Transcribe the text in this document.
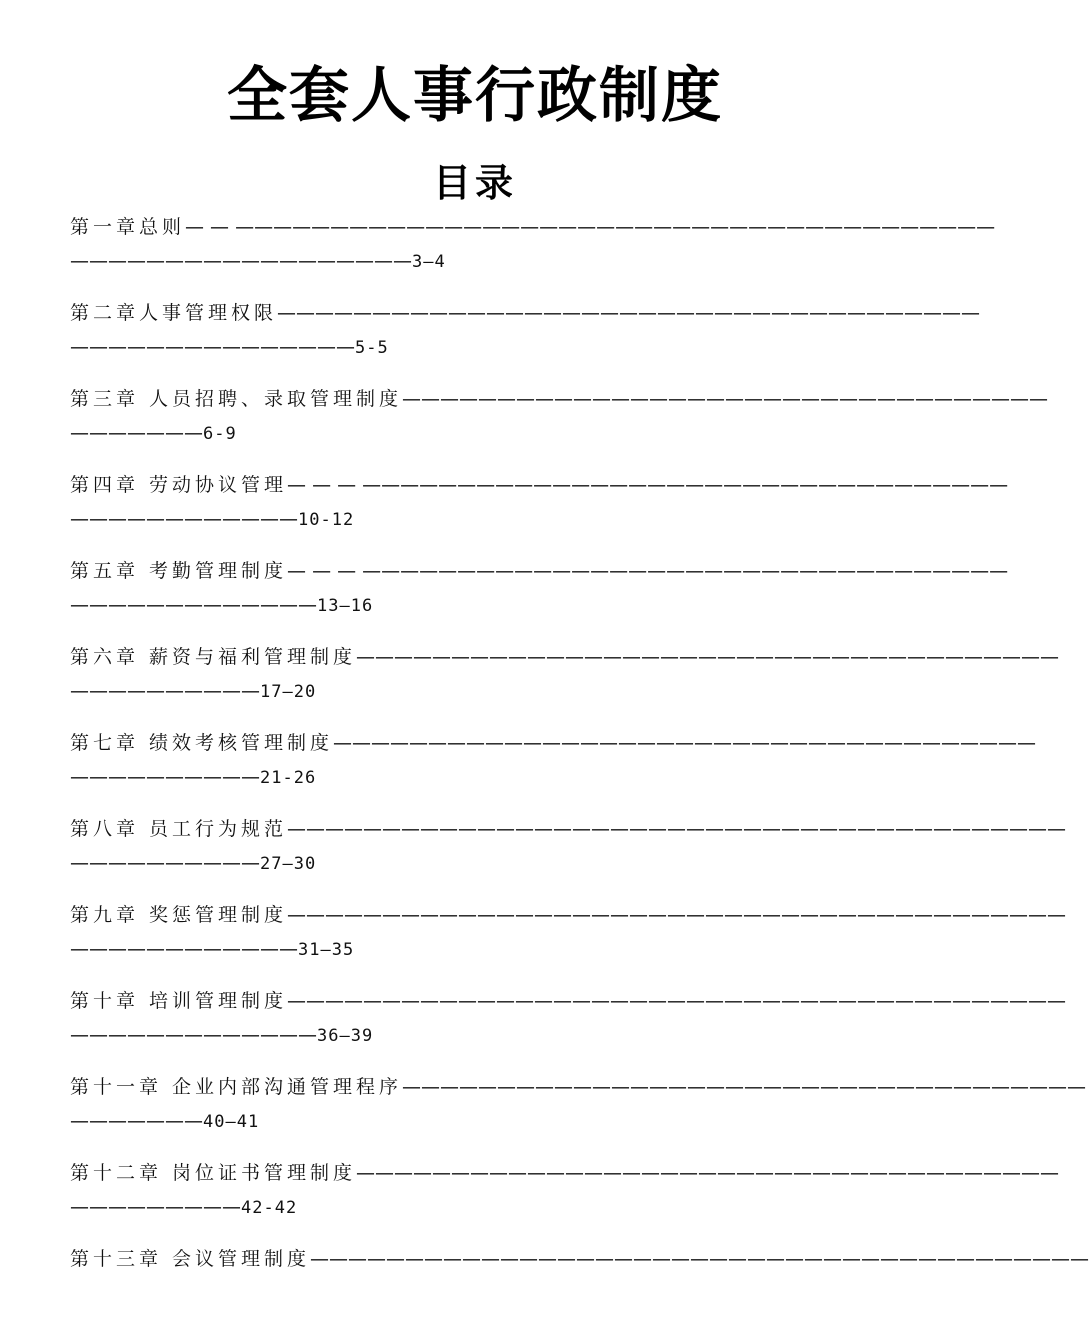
全套人事行政制度
目录
第一章总则 — — ————————————————————————————————————————
——————————————————3—4
第二章人事管理权限 —————————————————————————————————————
———————————————5-5
第三章 人员招聘、录取管理制度 ——————————————————————————————————
———————6-9
第四章 劳动协议管理 — — — ——————————————————————————————————
————————————10-12
第五章 考勤管理制度 — — — ——————————————————————————————————
—————————————13—16
第六章 薪资与福利管理制度 —————————————————————————————————————
——————————17—20
第七章 绩效考核管理制度 —————————————————————————————————————
——————————21-26
第八章 员工行为规范 —————————————————————————————————————————
——————————27—30
第九章 奖惩管理制度 —————————————————————————————————————————
————————————31—35
第十章 培训管理制度 —————————————————————————————————————————
—————————————36—39
第十一章 企业内部沟通管理程序 ————————————————————————————————————
———————40—41
第十二章 岗位证书管理制度 —————————————————————————————————————
—————————42-42
第十三章 会议管理制度 —————————————————————————————————————————
